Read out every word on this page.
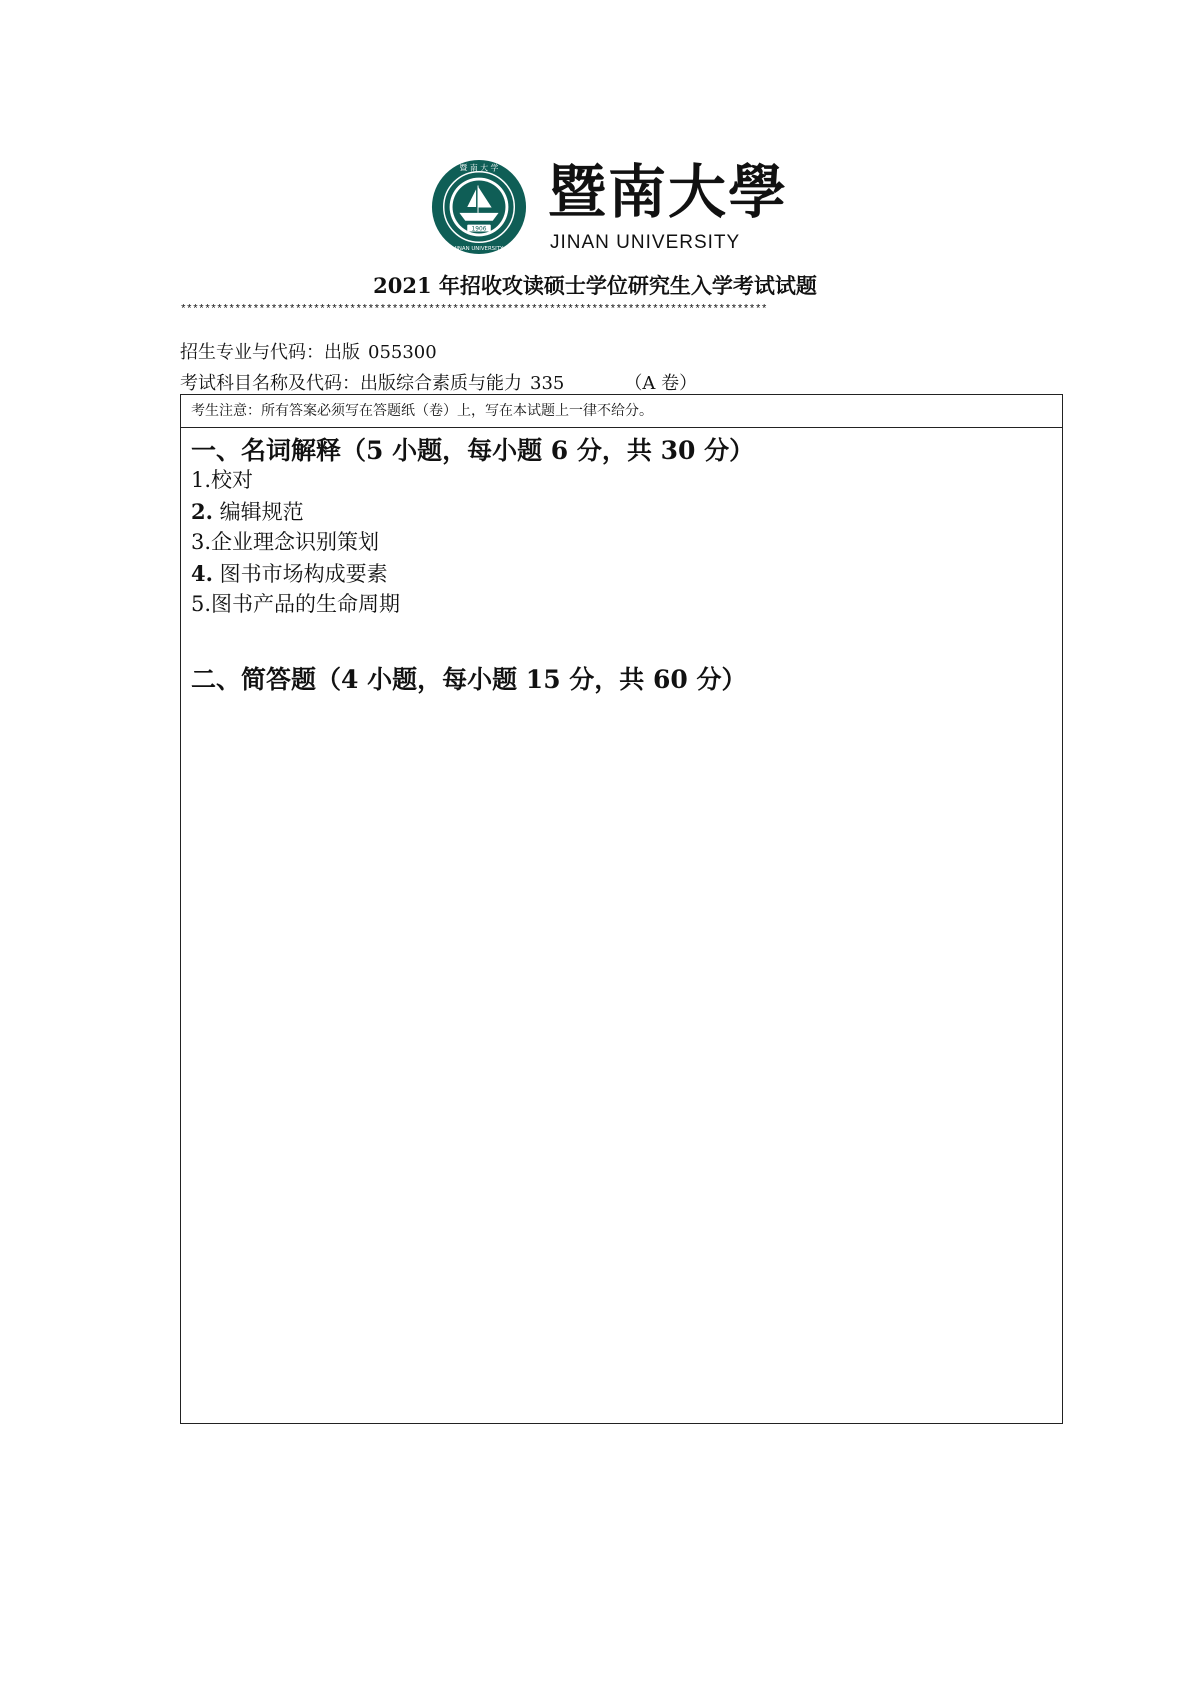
1906
暨 南 大 学
JINAN UNIVERSITY
暨南大學
JINAN UNIVERSITY
2021 年招收攻读硕士学位研究生入学考试试题
*************************************************************************************************
招生专业与代码：出版 055300
考试科目名称及代码：出版综合素质与能力 335	（A 卷）
考生注意：所有答案必须写在答题纸（卷）上，写在本试题上一律不给分。
一、名词解释（5 小题，每小题 6 分，共 30 分）
1.校对
2. 编辑规范
3.企业理念识别策划
4. 图书市场构成要素
5.图书产品的生命周期
二、简答题（4 小题，每小题 15 分，共 60 分）
